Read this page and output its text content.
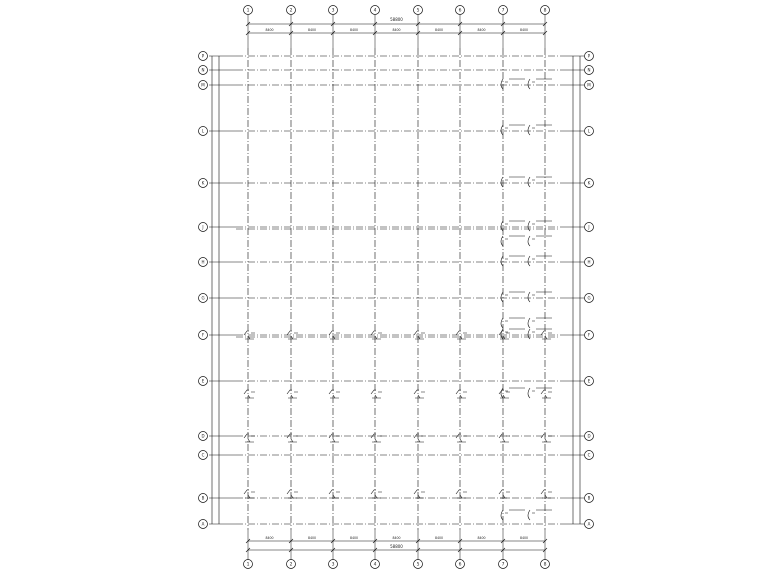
58800
8400	8400	8400	8400	8400	8400	8400
58800
8400	8400	8400	8400	8400	8400	8400
1
1
2
2
3
3
4
4
5
5
6
6
7
7
8
8
P	P
N	N
M	M
L	L
K	K
J	J
H	H
G	G
F	F
E	E
D	D
C	C
B	B
A	A
